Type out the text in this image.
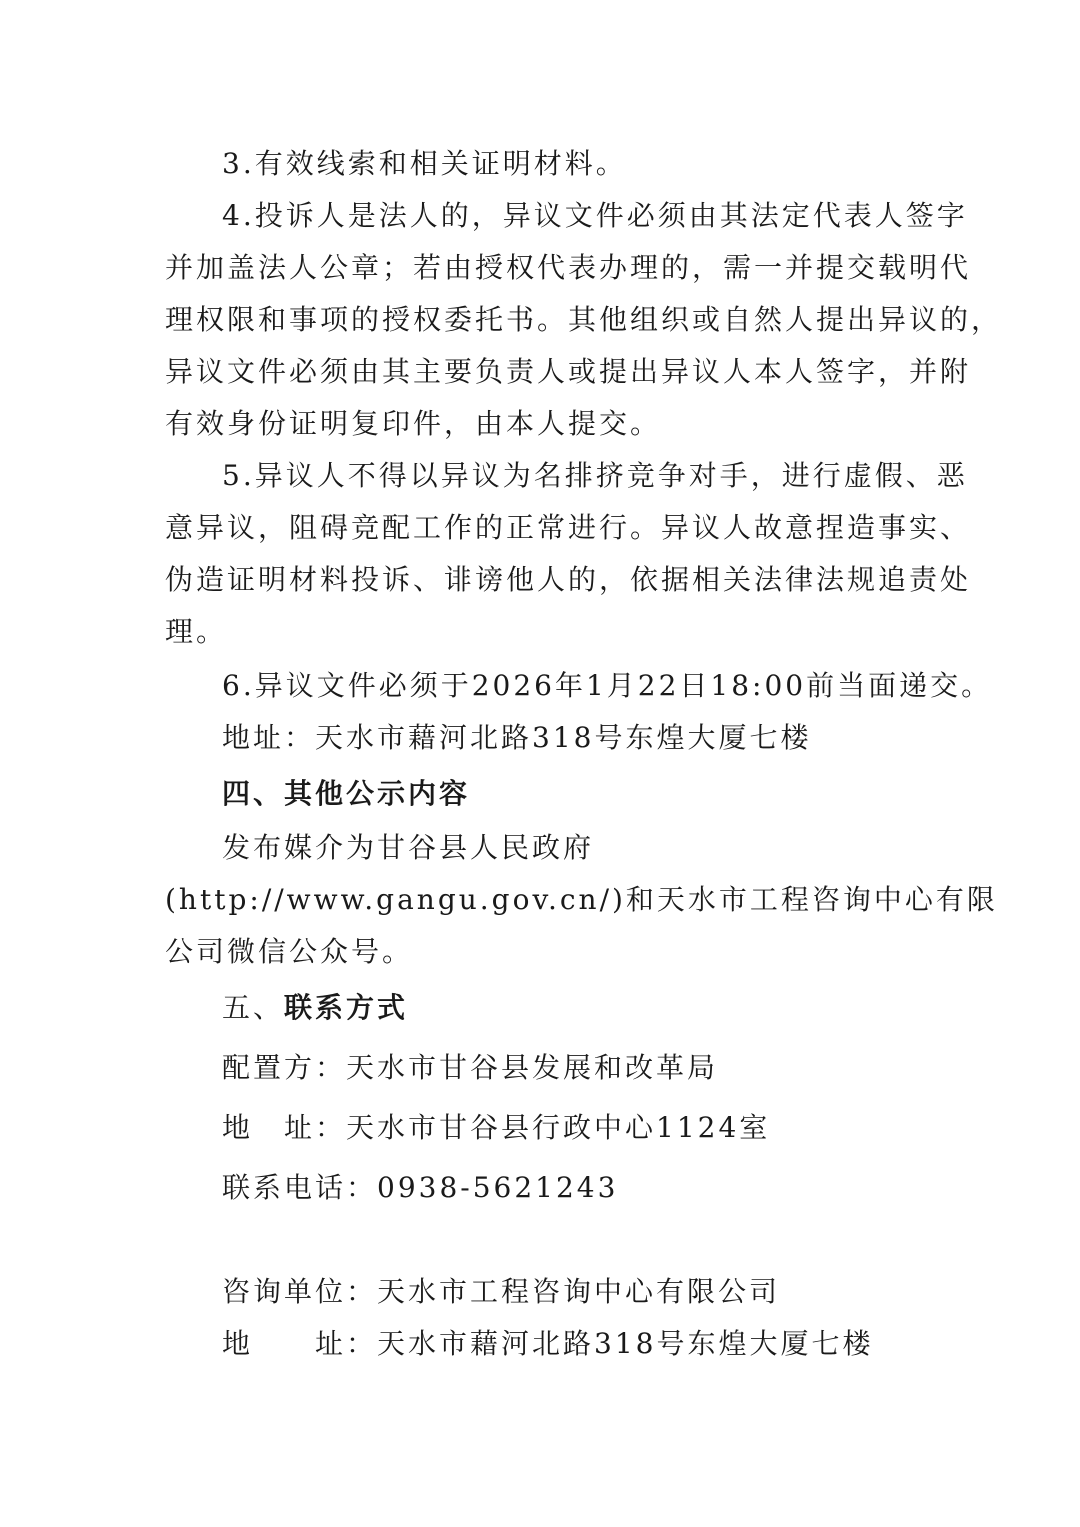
3.有效线索和相关证明材料。
4.投诉人是法人的，异议文件必须由其法定代表人签字
并加盖法人公章；若由授权代表办理的，需一并提交载明代
理权限和事项的授权委托书。其他组织或自然人提出异议的，
异议文件必须由其主要负责人或提出异议人本人签字，并附
有效身份证明复印件，由本人提交。
5.异议人不得以异议为名排挤竞争对手，进行虚假、恶
意异议，阻碍竞配工作的正常进行。异议人故意捏造事实、
伪造证明材料投诉、诽谤他人的，依据相关法律法规追责处
理。
6.异议文件必须于2026年1月22日18:00前当面递交。
地址：天水市藉河北路318号东煌大厦七楼
四、其他公示内容
发布媒介为甘谷县人民政府
(http://www.gangu.gov.cn/)和天水市工程咨询中心有限
公司微信公众号。
五、联系方式
配置方：天水市甘谷县发展和改革局
地　址：天水市甘谷县行政中心1124室
联系电话：0938-5621243
咨询单位：天水市工程咨询中心有限公司
地　　址：天水市藉河北路318号东煌大厦七楼
